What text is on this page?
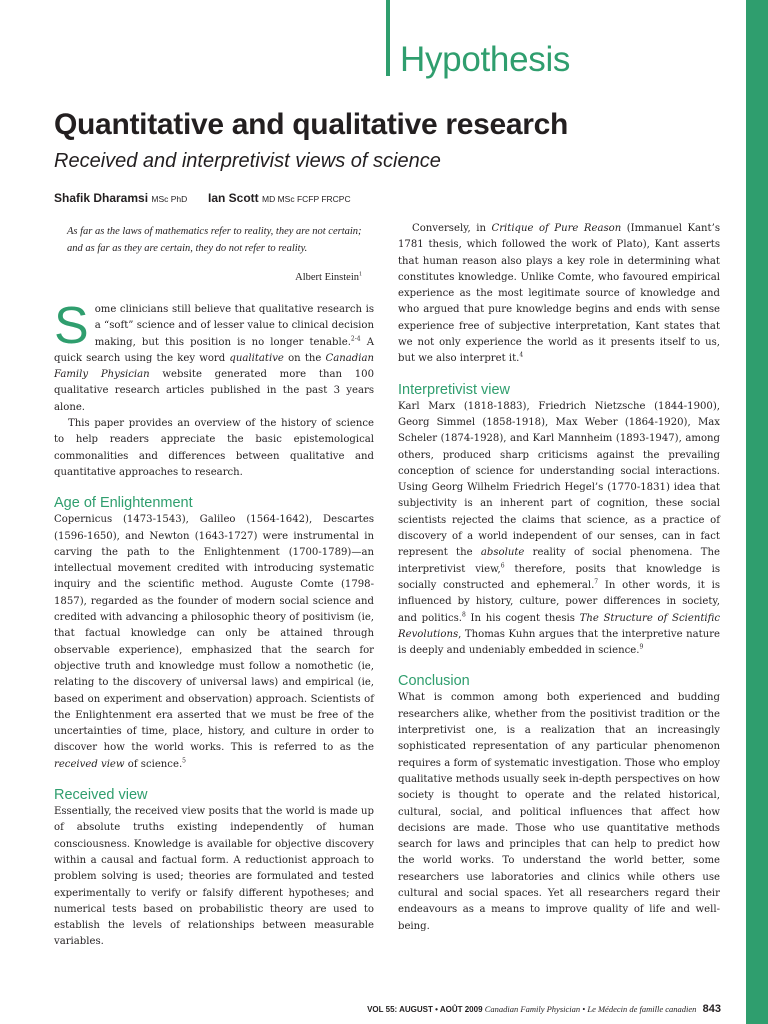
Hypothesis
Quantitative and qualitative research
Received and interpretivist views of science
Shafik Dharamsi MSc PhD Ian Scott MD MSc FCFP FRCPC
As far as the laws of mathematics refer to reality, they are not certain; and as far as they are certain, they do not refer to reality.
Albert Einstein$^1$

Some clinicians still believe that qualitative research is a “soft” science and of lesser value to clinical decision making, but this position is no longer tenable.$^{2-4}$ A quick search using the key word qualitative on the Canadian Family Physician website generated more than 100 qualitative research articles published in the past 3 years alone.

This paper provides an overview of the history of science to help readers appreciate the basic epistemological commonalities and differences between qualitative and quantitative approaches to research.

Age of Enlightenment

Copernicus (1473-1543), Galileo (1564-1642), Descartes (1596-1650), and Newton (1643-1727) were instrumental in carving the path to the Enlightenment (1700-1789)—an intellectual movement credited with introducing systematic inquiry and the scientific method. Auguste Comte (1798-1857), regarded as the founder of modern social science and credited with advancing a philosophic theory of positivism (ie, that factual knowledge can only be attained through observable experience), emphasized that the search for objective truth and knowledge must follow a nomothetic (ie, relating to the discovery of universal laws) and empirical (ie, based on experiment and observation) approach. Scientists of the Enlightenment era asserted that we must be free of the uncertainties of time, place, history, and culture in order to discover how the world works. This is referred to as the received view of science.$^5$

Received view

Essentially, the received view posits that the world is made up of absolute truths existing independently of human consciousness. Knowledge is available for objective discovery within a causal and factual form. A reductionist approach to problem solving is used; theories are formulated and tested experimentally to verify or falsify different hypotheses; and numerical tests based on probabilistic theory are used to establish the levels of relationships between measurable variables.

Conversely, in Critique of Pure Reason (Immanuel Kant’s 1781 thesis, which followed the work of Plato), Kant asserts that human reason also plays a key role in determining what constitutes knowledge. Unlike Comte, who favoured empirical experience as the most legitimate source of knowledge and who argued that pure knowledge begins and ends with sense experience free of subjective interpretation, Kant states that we not only experience the world as it presents itself to us, but we also interpret it.$^4$

Interpretivist view

Karl Marx (1818-1883), Friedrich Nietzsche (1844-1900), Georg Simmel (1858-1918), Max Weber (1864-1920), Max Scheler (1874-1928), and Karl Mannheim (1893-1947), among others, produced sharp criticisms against the prevailing conception of science for understanding social interactions. Using Georg Wilhelm Friedrich Hegel’s (1770-1831) idea that subjectivity is an inherent part of cognition, these social scientists rejected the claims that science, as a practice of discovery of a world independent of our senses, can in fact represent the absolute reality of social phenomena. The interpretivist view,$^6$ therefore, posits that knowledge is socially constructed and ephemeral.$^7$ In other words, it is influenced by history, culture, power differences in society, and politics.$^8$ In his cogent thesis The Structure of Scientific Revolutions, Thomas Kuhn argues that the interpretive nature is deeply and undeniably embedded in science.$^9$

Conclusion

What is common among both experienced and budding researchers alike, whether from the positivist tradition or the interpretivist one, is a realization that an increasingly sophisticated representation of any particular phenomenon requires a form of systematic investigation. Those who employ qualitative methods usually seek in-depth perspectives on how society is thought to operate and the related historical, cultural, social, and political influences that affect how decisions are made. Those who use quantitative methods search for laws and principles that can help to predict how the world works. To understand the world better, some researchers use laboratories and clinics while others use cultural and social spaces. Yet all researchers regard their endeavours as a means to improve quality of life and well-being.

VOL 55: AUGUST • AOÛT 2009 Canadian Family Physician • Le Médecin de famille canadien 843
